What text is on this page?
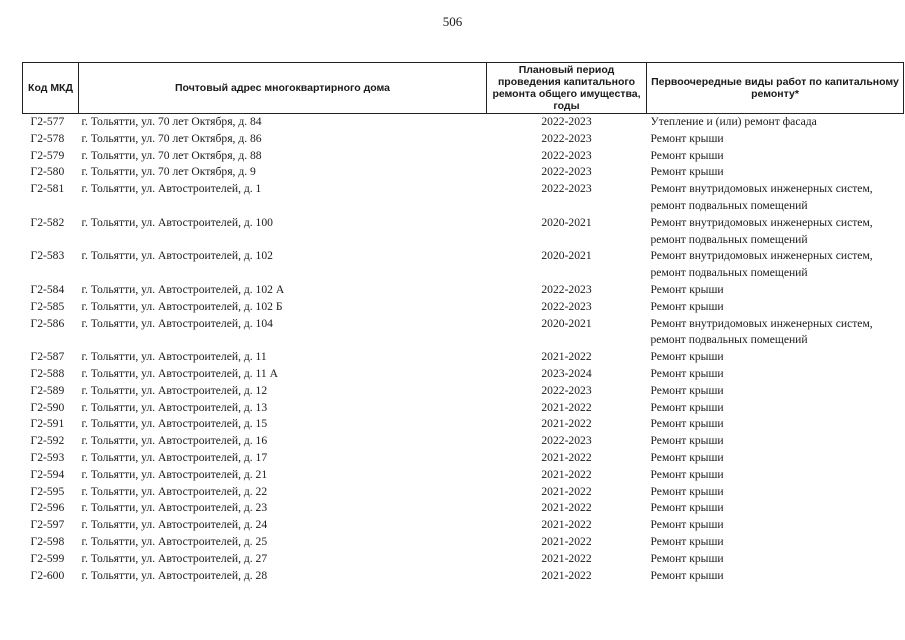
506
Код МКД	Почтовый адрес многоквартирного дома	Плановый период проведения капитального ремонта общего имущества, годы	Первоочередные виды работ по капитальному ремонту*
Г2-577	г. Тольятти, ул. 70 лет Октября, д. 84	2022-2023	Утепление и (или) ремонт фасада
Г2-578	г. Тольятти, ул. 70 лет Октября, д. 86	2022-2023	Ремонт крыши
Г2-579	г. Тольятти, ул. 70 лет Октября, д. 88	2022-2023	Ремонт крыши
Г2-580	г. Тольятти, ул. 70 лет Октября, д. 9	2022-2023	Ремонт крыши
Г2-581	г. Тольятти, ул. Автостроителей, д. 1	2022-2023	Ремонт внутридомовых инженерных систем, ремонт подвальных помещений
Г2-582	г. Тольятти, ул. Автостроителей, д. 100	2020-2021	Ремонт внутридомовых инженерных систем, ремонт подвальных помещений
Г2-583	г. Тольятти, ул. Автостроителей, д. 102	2020-2021	Ремонт внутридомовых инженерных систем, ремонт подвальных помещений
Г2-584	г. Тольятти, ул. Автостроителей, д. 102 А	2022-2023	Ремонт крыши
Г2-585	г. Тольятти, ул. Автостроителей, д. 102 Б	2022-2023	Ремонт крыши
Г2-586	г. Тольятти, ул. Автостроителей, д. 104	2020-2021	Ремонт внутридомовых инженерных систем, ремонт подвальных помещений
Г2-587	г. Тольятти, ул. Автостроителей, д. 11	2021-2022	Ремонт крыши
Г2-588	г. Тольятти, ул. Автостроителей, д. 11 А	2023-2024	Ремонт крыши
Г2-589	г. Тольятти, ул. Автостроителей, д. 12	2022-2023	Ремонт крыши
Г2-590	г. Тольятти, ул. Автостроителей, д. 13	2021-2022	Ремонт крыши
Г2-591	г. Тольятти, ул. Автостроителей, д. 15	2021-2022	Ремонт крыши
Г2-592	г. Тольятти, ул. Автостроителей, д. 16	2022-2023	Ремонт крыши
Г2-593	г. Тольятти, ул. Автостроителей, д. 17	2021-2022	Ремонт крыши
Г2-594	г. Тольятти, ул. Автостроителей, д. 21	2021-2022	Ремонт крыши
Г2-595	г. Тольятти, ул. Автостроителей, д. 22	2021-2022	Ремонт крыши
Г2-596	г. Тольятти, ул. Автостроителей, д. 23	2021-2022	Ремонт крыши
Г2-597	г. Тольятти, ул. Автостроителей, д. 24	2021-2022	Ремонт крыши
Г2-598	г. Тольятти, ул. Автостроителей, д. 25	2021-2022	Ремонт крыши
Г2-599	г. Тольятти, ул. Автостроителей, д. 27	2021-2022	Ремонт крыши
Г2-600	г. Тольятти, ул. Автостроителей, д. 28	2021-2022	Ремонт крыши
